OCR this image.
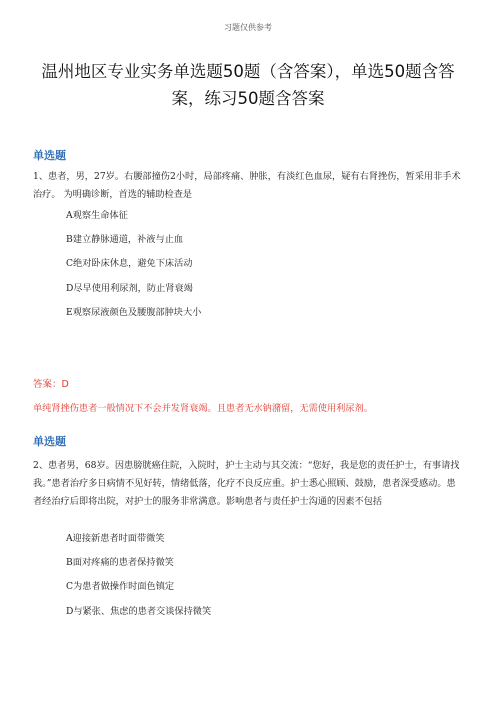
习题仅供参考
温州地区专业实务单选题50题（含答案），单选50题含答案，练习50题含答案
单选题
1、患者，男，27岁。右腰部撞伤2小时，局部疼痛、肿胀，有淡红色血尿，疑有右肾挫伤，暂采用非手术治疗。 为明确诊断，首选的辅助检查是
A观察生命体征
B建立静脉通道，补液与止血
C绝对卧床休息，避免下床活动
D尽早使用利尿剂，防止肾衰竭
E观察尿液颜色及腰腹部肿块大小
答案：D
单纯肾挫伤患者一般情况下不会并发肾衰竭。且患者无水钠潴留，无需使用利尿剂。
单选题
2、患者男，68岁。因患膀胱癌住院，入院时，护士主动与其交流：“您好，我是您的责任护士，有事请找我。”患者治疗多日病情不见好转，情绪低落，化疗不良反应重。护士悉心照顾、鼓励，患者深受感动。患者经治疗后即将出院，对护士的服务非常满意。影响患者与责任护士沟通的因素不包括
A迎接新患者时面带微笑
B面对疼痛的患者保持微笑
C为患者做操作时面色镇定
D与紧张、焦虑的患者交谈保持微笑
